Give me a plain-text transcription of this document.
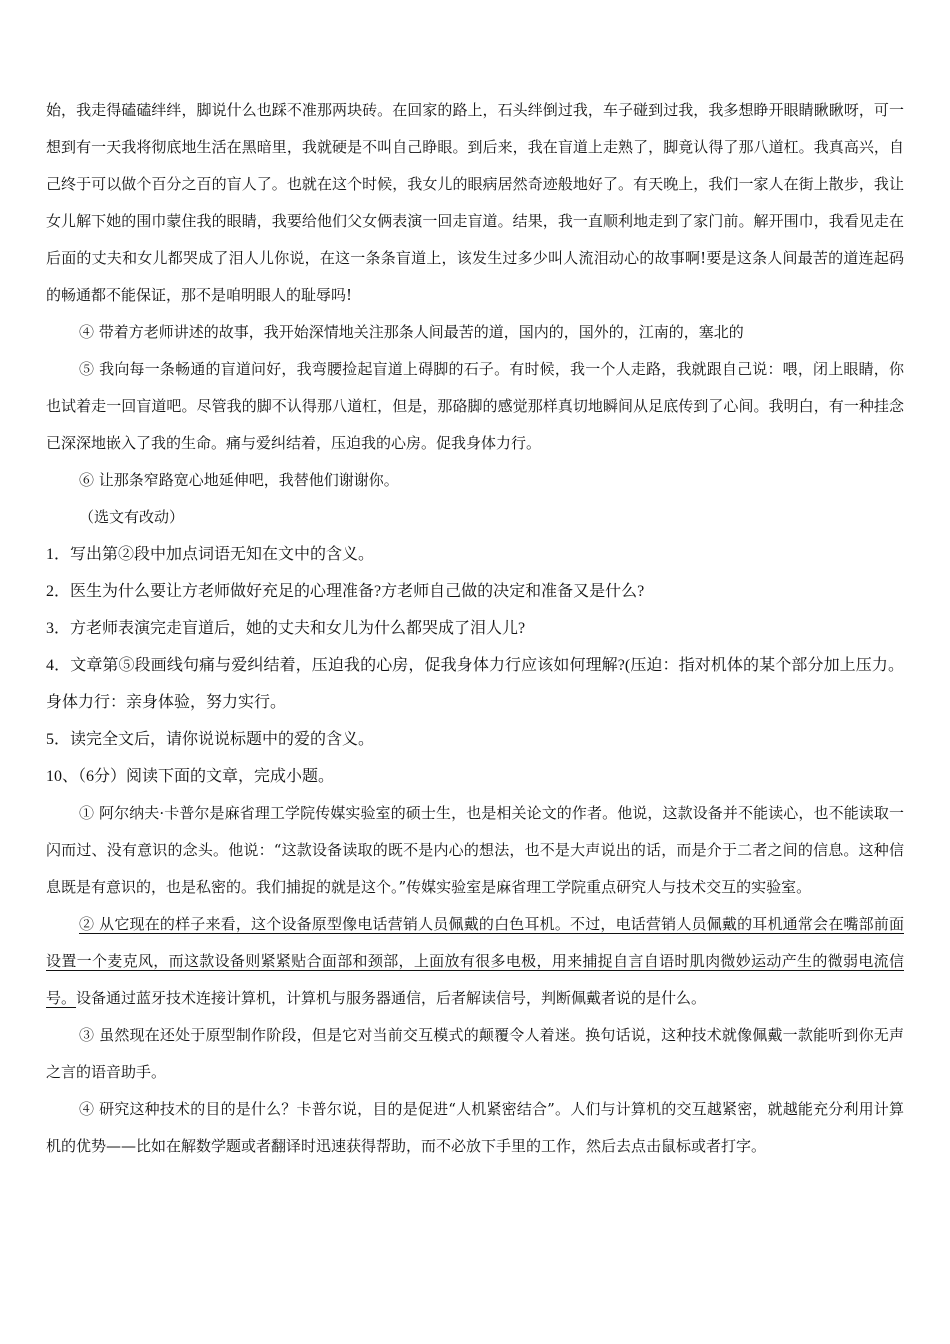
始，我走得磕磕绊绊，脚说什么也踩不准那两块砖。在回家的路上，石头绊倒过我，车子碰到过我，我多想睁开眼睛瞅瞅呀，可一想到有一天我将彻底地生活在黑暗里，我就硬是不叫自己睁眼。到后来，我在盲道上走熟了，脚竟认得了那八道杠。我真高兴，自己终于可以做个百分之百的盲人了。也就在这个时候，我女儿的眼病居然奇迹般地好了。有天晚上，我们一家人在街上散步，我让女儿解下她的围巾蒙住我的眼睛，我要给他们父女俩表演一回走盲道。结果，我一直顺利地走到了家门前。解开围巾，我看见走在后面的丈夫和女儿都哭成了泪人儿你说，在这一条条盲道上，该发生过多少叫人流泪动心的故事啊!要是这条人间最苦的道连起码的畅通都不能保证，那不是咱明眼人的耻辱吗!

④ 带着方老师讲述的故事，我开始深情地关注那条人间最苦的道，国内的，国外的，江南的，塞北的

⑤ 我向每一条畅通的盲道问好，我弯腰捡起盲道上碍脚的石子。有时候，我一个人走路，我就跟自己说：喂，闭上眼睛，你也试着走一回盲道吧。尽管我的脚不认得那八道杠，但是，那硌脚的感觉那样真切地瞬间从足底传到了心间。我明白，有一种挂念已深深地嵌入了我的生命。痛与爱纠结着，压迫我的心房。促我身体力行。

⑥ 让那条窄路宽心地延伸吧，我替他们谢谢你。

（选文有改动）

1．写出第②段中加点词语无知在文中的含义。

2．医生为什么要让方老师做好充足的心理准备?方老师自己做的决定和准备又是什么?

3．方老师表演完走盲道后，她的丈夫和女儿为什么都哭成了泪人儿?

4．文章第⑤段画线句痛与爱纠结着，压迫我的心房，促我身体力行应该如何理解?(压迫：指对机体的某个部分加上压力。身体力行：亲身体验，努力实行。

5．读完全文后，请你说说标题中的爱的含义。

10、（6分）阅读下面的文章，完成小题。

① 阿尔纳夫·卡普尔是麻省理工学院传媒实验室的硕士生，也是相关论文的作者。他说，这款设备并不能读心，也不能读取一闪而过、没有意识的念头。他说：“这款设备读取的既不是内心的想法，也不是大声说出的话，而是介于二者之间的信息。这种信息既是有意识的，也是私密的。我们捕捉的就是这个。”传媒实验室是麻省理工学院重点研究人与技术交互的实验室。

② 从它现在的样子来看，这个设备原型像电话营销人员佩戴的白色耳机。不过，电话营销人员佩戴的耳机通常会在嘴部前面设置一个麦克风，而这款设备则紧紧贴合面部和颈部，上面放有很多电极，用来捕捉自言自语时肌肉微妙运动产生的微弱电流信号。设备通过蓝牙技术连接计算机，计算机与服务器通信，后者解读信号，判断佩戴者说的是什么。

③ 虽然现在还处于原型制作阶段，但是它对当前交互模式的颠覆令人着迷。换句话说，这种技术就像佩戴一款能听到你无声之言的语音助手。

④ 研究这种技术的目的是什么？卡普尔说，目的是促进“人机紧密结合”。人们与计算机的交互越紧密，就越能充分利用计算机的优势——比如在解数学题或者翻译时迅速获得帮助，而不必放下手里的工作，然后去点击鼠标或者打字。
